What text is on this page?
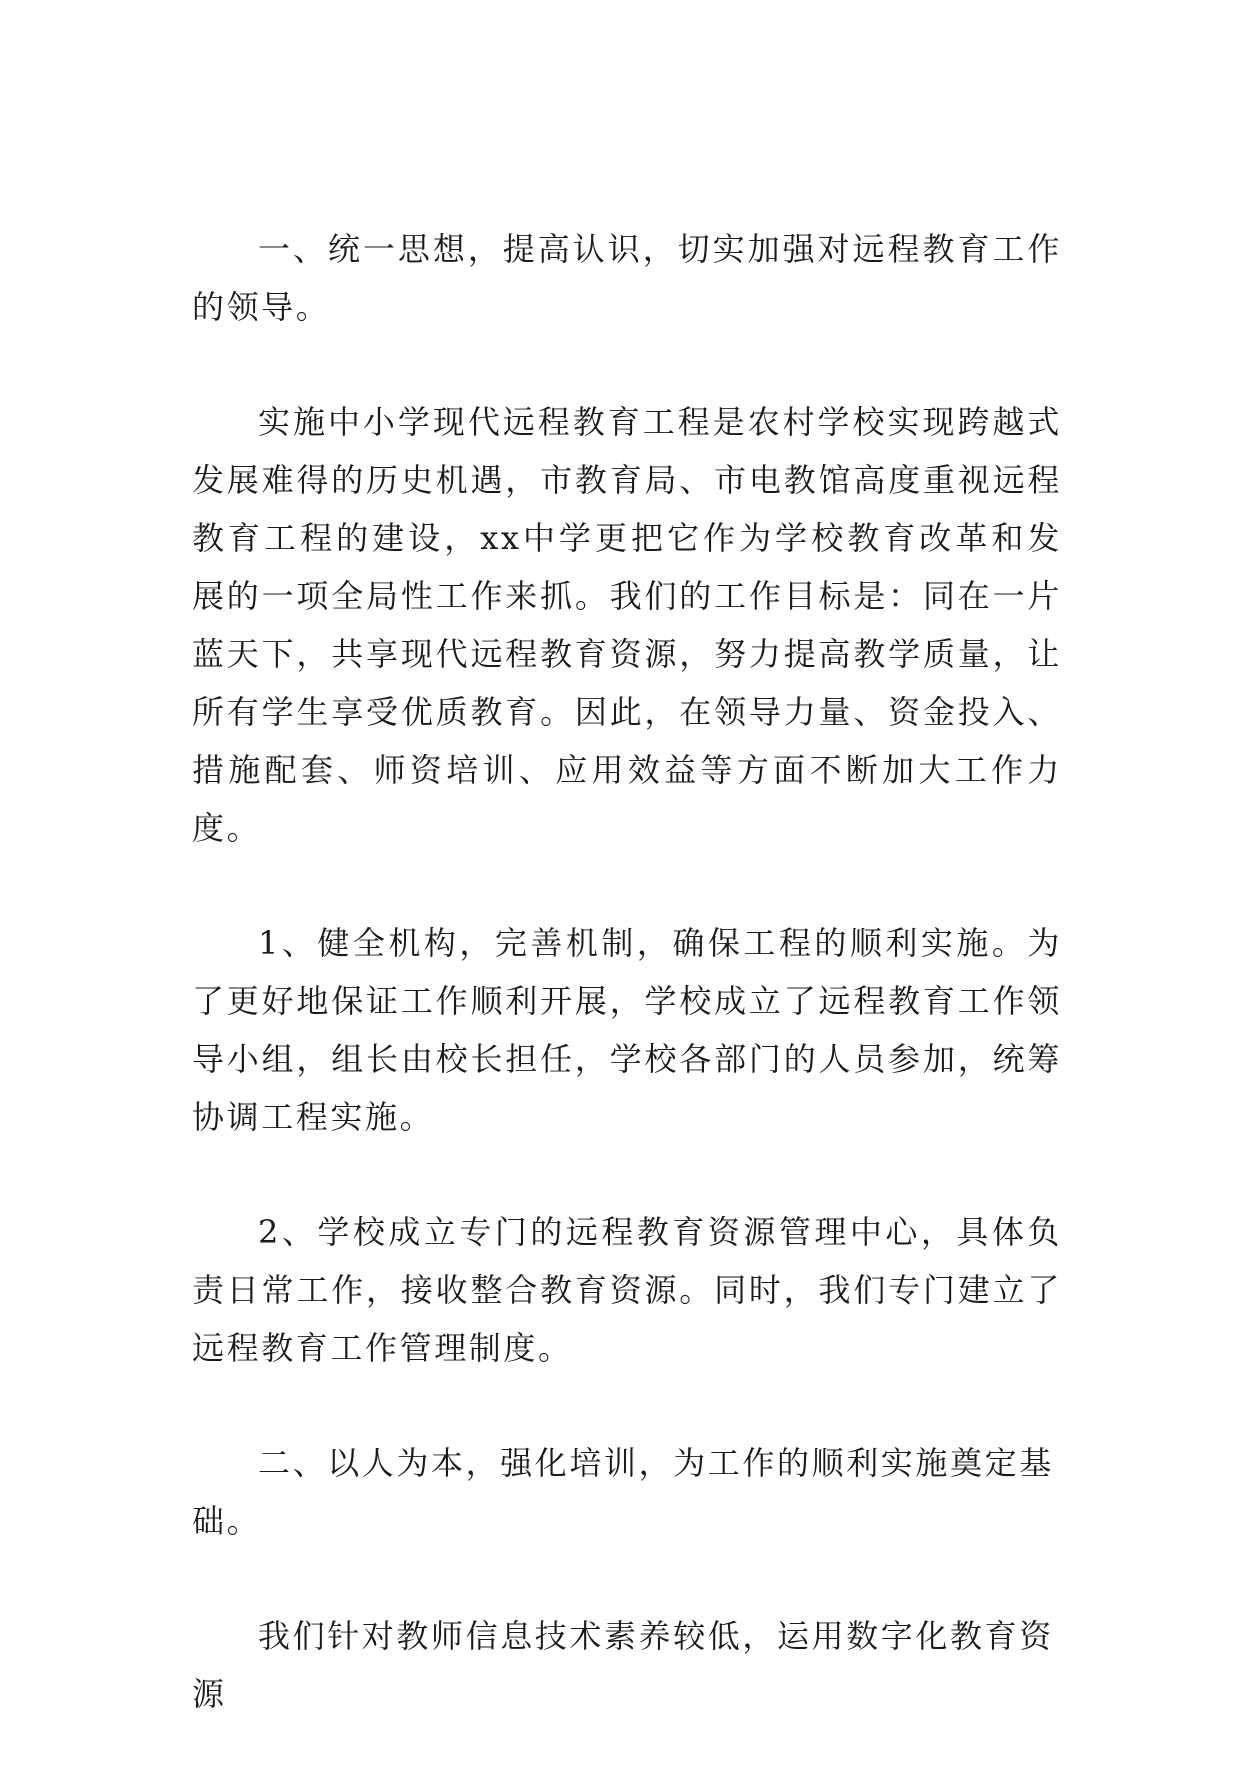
一、统一思想，提高认识，切实加强对远程教育工作的领导。

实施中小学现代远程教育工程是农村学校实现跨越式发展难得的历史机遇，市教育局、市电教馆高度重视远程教育工程的建设，xx中学更把它作为学校教育改革和发展的一项全局性工作来抓。我们的工作目标是：同在一片蓝天下，共享现代远程教育资源，努力提高教学质量，让所有学生享受优质教育。因此，在领导力量、资金投入、措施配套、师资培训、应用效益等方面不断加大工作力度。

1、健全机构，完善机制，确保工程的顺利实施。为了更好地保证工作顺利开展，学校成立了远程教育工作领导小组，组长由校长担任，学校各部门的人员参加，统筹协调工程实施。

2、学校成立专门的远程教育资源管理中心，具体负责日常工作，接收整合教育资源。同时，我们专门建立了远程教育工作管理制度。

二、以人为本，强化培训，为工作的顺利实施奠定基础。

我们针对教师信息技术素养较低，运用数字化教育资源
